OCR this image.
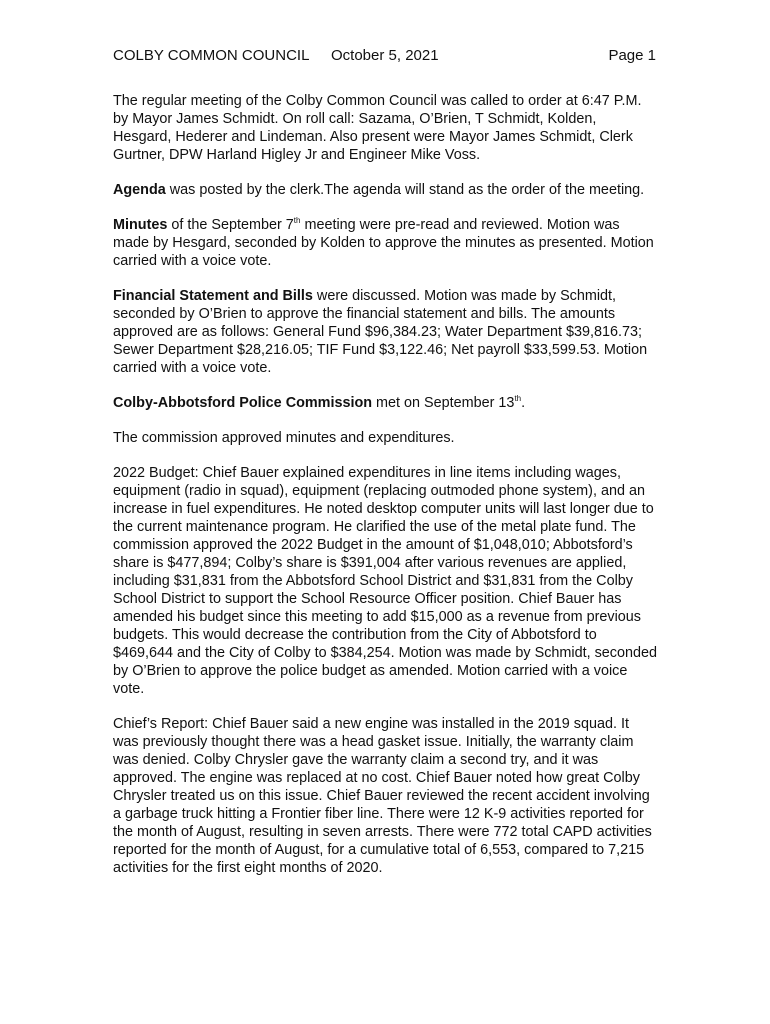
COLBY COMMON COUNCIL October 5, 2021	Page 1

The regular meeting of the Colby Common Council was called to order at 6:47 P.M. by Mayor James Schmidt. On roll call: Sazama, O’Brien, T Schmidt, Kolden, Hesgard, Hederer and Lindeman. Also present were Mayor James Schmidt, Clerk Gurtner, DPW Harland Higley Jr and Engineer Mike Voss.

Agenda was posted by the clerk.The agenda will stand as the order of the meeting.

Minutes of the September 7th meeting were pre-read and reviewed. Motion was made by Hesgard, seconded by Kolden to approve the minutes as presented. Motion carried with a voice vote.

Financial Statement and Bills were discussed. Motion was made by Schmidt, seconded by O’Brien to approve the financial statement and bills. The amounts approved are as follows: General Fund $96,384.23; Water Department $39,816.73; Sewer Department $28,216.05; TIF Fund $3,122.46; Net payroll $33,599.53. Motion carried with a voice vote.

Colby-Abbotsford Police Commission met on September 13th.

The commission approved minutes and expenditures.

2022 Budget: Chief Bauer explained expenditures in line items including wages, equipment (radio in squad), equipment (replacing outmoded phone system), and an increase in fuel expenditures. He noted desktop computer units will last longer due to the current maintenance program. He clarified the use of the metal plate fund. The commission approved the 2022 Budget in the amount of $1,048,010; Abbotsford’s share is $477,894; Colby’s share is $391,004 after various revenues are applied, including $31,831 from the Abbotsford School District and $31,831 from the Colby School District to support the School Resource Officer position. Chief Bauer has amended his budget since this meeting to add $15,000 as a revenue from previous budgets. This would decrease the contribution from the City of Abbotsford to $469,644 and the City of Colby to $384,254. Motion was made by Schmidt, seconded by O’Brien to approve the police budget as amended. Motion carried with a voice vote.

Chief’s Report: Chief Bauer said a new engine was installed in the 2019 squad. It was previously thought there was a head gasket issue. Initially, the warranty claim was denied. Colby Chrysler gave the warranty claim a second try, and it was approved. The engine was replaced at no cost. Chief Bauer noted how great Colby Chrysler treated us on this issue. Chief Bauer reviewed the recent accident involving a garbage truck hitting a Frontier fiber line. There were 12 K-9 activities reported for the month of August, resulting in seven arrests. There were 772 total CAPD activities reported for the month of August, for a cumulative total of 6,553, compared to 7,215 activities for the first eight months of 2020.
